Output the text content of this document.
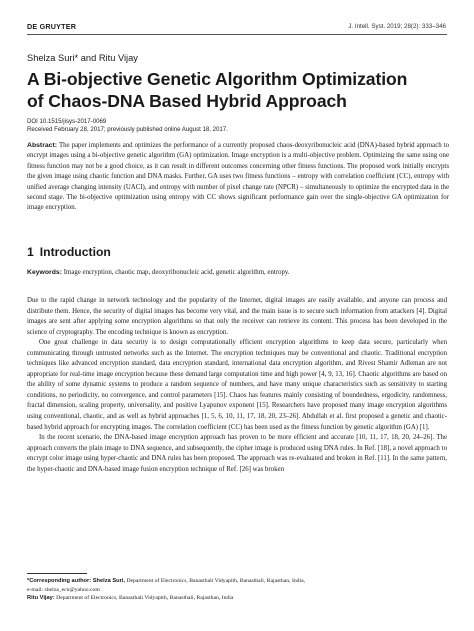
DE GRUYTER	J. Intell. Syst. 2019; 28(2): 333–346
Shelza Suri* and Ritu Vijay
A Bi-objective Genetic Algorithm Optimization
of Chaos-DNA Based Hybrid Approach
DOI 10.1515/jisys-2017-0069
Received February 28, 2017; previously published online August 18, 2017.
Abstract: The paper implements and optimizes the performance of a currently proposed chaos-deoxyribonucleic acid (DNA)-based hybrid approach to encrypt images using a bi-objective genetic algorithm (GA) optimization. Image encryption is a multi-objective problem. Optimizing the same using one fitness function may not be a good choice, as it can result in different outcomes concerning other fitness functions. The proposed work initially encrypts the given image using chaotic function and DNA masks. Further, GA uses two fitness functions – entropy with correlation coefficient (CC), entropy with unified average changing intensity (UACI), and entropy with number of pixel change rate (NPCR) – simultaneously to optimize the encrypted data in the second stage. The bi-objective optimization using entropy with CC shows significant performance gain over the single-objective GA optimization for image encryption.
1 Introduction
Keywords: Image encryption, chaotic map, deoxyribonucleic acid, genetic algorithm, entropy.

Due to the rapid change in network technology and the popularity of the Internet, digital images are easily available, and anyone can process and distribute them. Hence, the security of digital images has become very vital, and the main issue is to secure such information from attackers [4]. Digital images are sent after applying some encryption algorithms so that only the receiver can retrieve its content. This process has been developed in the science of cryptography. The encoding technique is known as encryption.

One great challenge in data security is to design computationally efficient encryption algorithms to keep data secure, particularly when communicating through untrusted networks such as the Internet. The encryption techniques may be conventional and chaotic. Traditional encryption techniques like advanced encryption standard, data encryption standard, international data encryption algorithm, and Rivest Shamir Adleman are not appropriate for real-time image encryption because these demand large computation time and high power [4, 9, 13, 16]. Chaotic algorithms are based on the ability of some dynamic systems to produce a random sequence of numbers, and have many unique characteristics such as sensitivity to starting conditions, no periodicity, no convergence, and control parameters [15]. Chaos has features mainly consisting of boundedness, ergodicity, randomness, fractal dimension, scaling property, universality, and positive Lyapunov exponent [15]. Researchers have proposed many image encryption algorithms using conventional, chaotic, and as well as hybrid approaches [1, 5, 6, 10, 11, 17, 18, 20, 23–26]. Abdullah et al. first proposed a genetic and chaotic-based hybrid approach for encrypting images. The correlation coefficient (CC) has been used as the fitness function by genetic algorithm (GA) [1].

In the recent scenario, the DNA-based image encryption approach has proven to be more efficient and accurate [10, 11, 17, 18, 20, 24–26]. The approach converts the plain image to DNA sequence, and subsequently, the cipher image is produced using DNA rules. In Ref. [18], a novel approach to encrypt color image using hyper-chaotic and DNA rules has been proposed. The approach was re-evaluated and broken in Ref. [11]. In the same pattern, the hyper-chaotic and DNA-based image fusion encryption technique of Ref. [26] was broken

*Corresponding author: Shelza Suri, Department of Electronics, Banasthali Vidyapith, Banasthali, Rajasthan, India,
e-mail: shelza_ecn@yahoo.com
Ritu Vijay: Department of Electronics, Banasthali Vidyapith, Banasthali, Rajasthan, India
